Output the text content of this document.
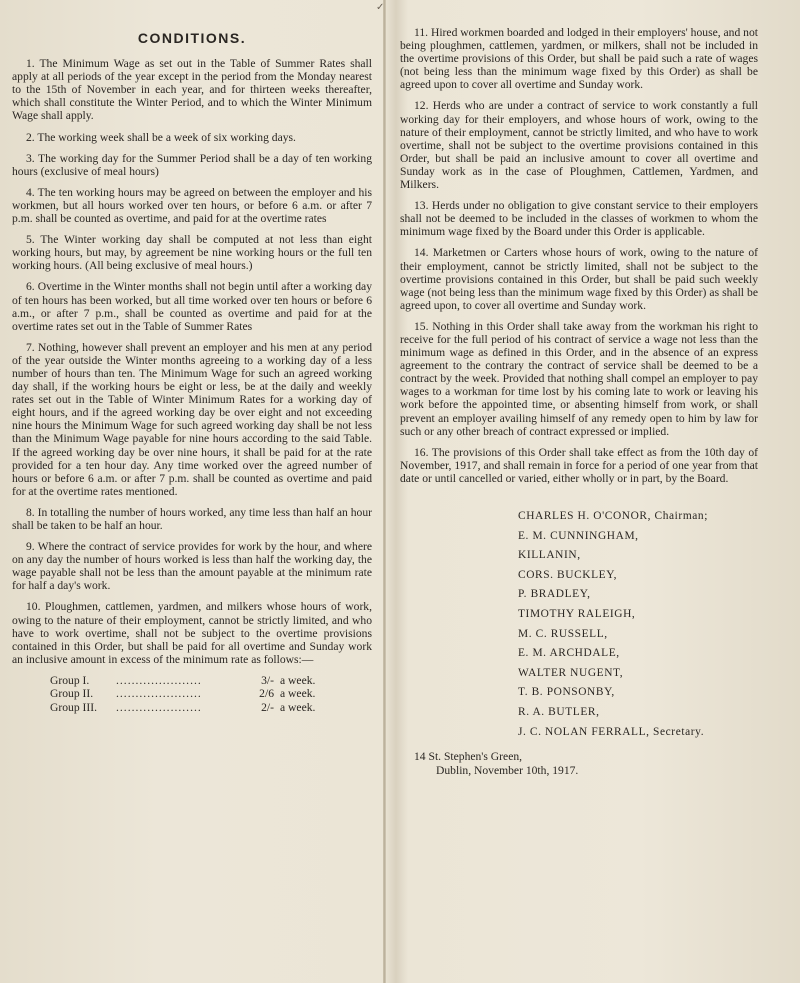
✓
CONDITIONS.

1. The Minimum Wage as set out in the Table of Summer Rates shall apply at all periods of the year except in the period from the Monday nearest to the 15th of November in each year, and for thirteen weeks thereafter, which shall constitute the Winter Period, and to which the Winter Minimum Wage shall apply.

2. The working week shall be a week of six working days.

3. The working day for the Summer Period shall be a day of ten working hours (exclusive of meal hours)

4. The ten working hours may be agreed on between the employer and his workmen, but all hours worked over ten hours, or before 6 a.m. or after 7 p.m. shall be counted as overtime, and paid for at the overtime rates

5. The Winter working day shall be computed at not less than eight working hours, but may, by agreement be nine working hours or the full ten working hours. (All being exclusive of meal hours.)

6. Overtime in the Winter months shall not begin until after a working day of ten hours has been worked, but all time worked over ten hours or before 6 a.m., or after 7 p.m., shall be counted as overtime and paid for at the overtime rates set out in the Table of Summer Rates

7. Nothing, however shall prevent an employer and his men at any period of the year outside the Winter months agreeing to a working day of a less number of hours than ten. The Minimum Wage for such an agreed working day shall, if the working hours be eight or less, be at the daily and weekly rates set out in the Table of Winter Minimum Rates for a working day of eight hours, and if the agreed working day be over eight and not exceeding nine hours the Minimum Wage for such agreed working day shall be not less than the Minimum Wage payable for nine hours according to the said Table. If the agreed working day be over nine hours, it shall be paid for at the rate provided for a ten hour day. Any time worked over the agreed number of hours or before 6 a.m. or after 7 p.m. shall be counted as overtime and paid for at the overtime rates mentioned.

8. In totalling the number of hours worked, any time less than half an hour shall be taken to be half an hour.

9. Where the contract of service provides for work by the hour, and where on any day the number of hours worked is less than half the working day, the wage payable shall not be less than the amount payable at the minimum rate for half a day's work.

10. Ploughmen, cattlemen, yardmen, and milkers whose hours of work, owing to the nature of their employment, cannot be strictly limited, and who have to work overtime, shall not be subject to the overtime provisions contained in this Order, but shall be paid for all overtime and Sunday work an inclusive amount in excess of the minimum rate as follows:—

Group I.	......................	3/- a week.
Group II.	......................	2/6 a week.
Group III.	......................	2/- a week.

11. Hired workmen boarded and lodged in their employers' house, and not being ploughmen, cattlemen, yardmen, or milkers, shall not be included in the overtime provisions of this Order, but shall be paid such a rate of wages (not being less than the minimum wage fixed by this Order) as shall be agreed upon to cover all overtime and Sunday work.

12. Herds who are under a contract of service to work constantly a full working day for their employers, and whose hours of work, owing to the nature of their employment, cannot be strictly limited, and who have to work overtime, shall not be subject to the overtime provisions contained in this Order, but shall be paid an inclusive amount to cover all overtime and Sunday work as in the case of Ploughmen, Cattlemen, Yardmen, and Milkers.

13. Herds under no obligation to give constant service to their employers shall not be deemed to be included in the classes of workmen to whom the minimum wage fixed by the Board under this Order is applicable.

14. Marketmen or Carters whose hours of work, owing to the nature of their employment, cannot be strictly limited, shall not be subject to the overtime provisions contained in this Order, but shall be paid such weekly wage (not being less than the minimum wage fixed by this Order) as shall be agreed upon, to cover all overtime and Sunday work.

15. Nothing in this Order shall take away from the workman his right to receive for the full period of his contract of service a wage not less than the minimum wage as defined in this Order, and in the absence of an express agreement to the contrary the contract of service shall be deemed to be a contract by the week. Provided that nothing shall compel an employer to pay wages to a workman for time lost by his coming late to work or leaving his work before the appointed time, or absenting himself from work, or shall prevent an employer availing himself of any remedy open to him by law for such or any other breach of contract expressed or implied.

16. The provisions of this Order shall take effect as from the 10th day of November, 1917, and shall remain in force for a period of one year from that date or until cancelled or varied, either wholly or in part, by the Board.

CHARLES H. O'CONOR, Chairman;
E. M. CUNNINGHAM,
KILLANIN,
CORS. BUCKLEY,
P. BRADLEY,
TIMOTHY RALEIGH,
M. C. RUSSELL,
E. M. ARCHDALE,
WALTER NUGENT,
T. B. PONSONBY,
R. A. BUTLER,
J. C. NOLAN FERRALL, Secretary.
14 St. Stephen's Green,
Dublin, November 10th, 1917.
